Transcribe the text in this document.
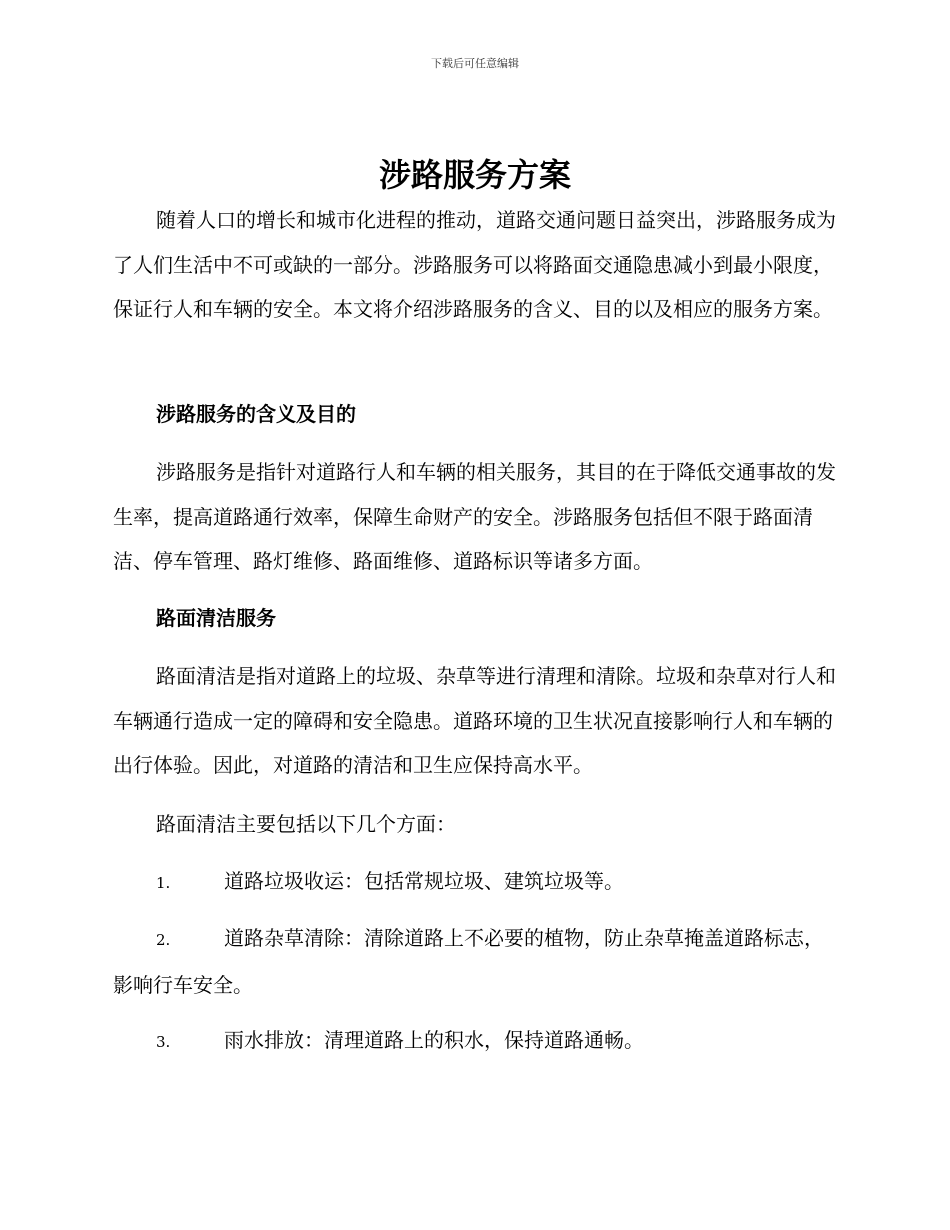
下载后可任意编辑
涉路服务方案

随着人口的增长和城市化进程的推动，道路交通问题日益突出，涉路服务成为了人们生活中不可或缺的一部分。涉路服务可以将路面交通隐患减小到最小限度，保证行人和车辆的安全。本文将介绍涉路服务的含义、目的以及相应的服务方案。

涉路服务的含义及目的

涉路服务是指针对道路行人和车辆的相关服务，其目的在于降低交通事故的发生率，提高道路通行效率，保障生命财产的安全。涉路服务包括但不限于路面清洁、停车管理、路灯维修、路面维修、道路标识等诸多方面。

路面清洁服务

路面清洁是指对道路上的垃圾、杂草等进行清理和清除。垃圾和杂草对行人和车辆通行造成一定的障碍和安全隐患。道路环境的卫生状况直接影响行人和车辆的出行体验。因此，对道路的清洁和卫生应保持高水平。

路面清洁主要包括以下几个方面：

1.	道路垃圾收运：包括常规垃圾、建筑垃圾等。

2.	道路杂草清除：清除道路上不必要的植物，防止杂草掩盖道路标志，影响行车安全。

3.	雨水排放：清理道路上的积水，保持道路通畅。
